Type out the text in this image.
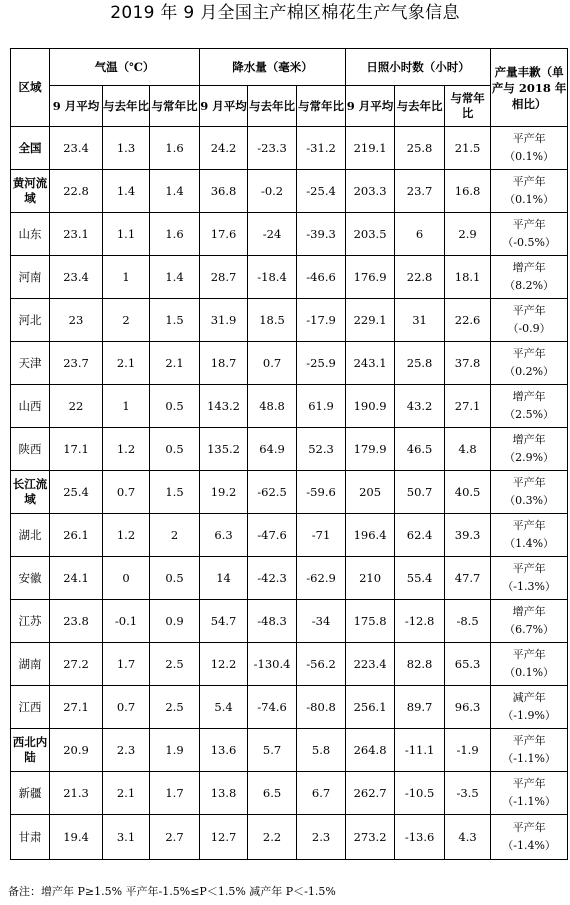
2019 年 9 月全国主产棉区棉花生产气象信息
区域	气温（℃）			降水量（毫米）			日照小时数（小时）			产量丰歉（单产与 2018 年相比）
	9 月平均	与去年比	与常年比	9 月平均	与去年比	与常年比	9 月平均	与去年比	与常年比	
全国	23.4	1.3	1.6	24.2	-23.3	-31.2	219.1	25.8	21.5	平产年
（0.1%）

黄河流域	22.8	1.4	1.4	36.8	-0.2	-25.4	203.3	23.7	16.8	平产年
（0.1%）

山东	23.1	1.1	1.6	17.6	-24	-39.3	203.5	6	2.9	平产年
（-0.5%）

河南	23.4	1	1.4	28.7	-18.4	-46.6	176.9	22.8	18.1	增产年
（8.2%）

河北	23	2	1.5	31.9	18.5	-17.9	229.1	31	22.6	平产年
（-0.9）

天津	23.7	2.1	2.1	18.7	0.7	-25.9	243.1	25.8	37.8	平产年
（0.2%）

山西	22	1	0.5	143.2	48.8	61.9	190.9	43.2	27.1	增产年
（2.5%）

陕西	17.1	1.2	0.5	135.2	64.9	52.3	179.9	46.5	4.8	增产年
（2.9%）

长江流域	25.4	0.7	1.5	19.2	-62.5	-59.6	205	50.7	40.5	平产年
（0.3%）

湖北	26.1	1.2	2	6.3	-47.6	-71	196.4	62.4	39.3	平产年
（1.4%）

安徽	24.1	0	0.5	14	-42.3	-62.9	210	55.4	47.7	平产年
（-1.3%）

江苏	23.8	-0.1	0.9	54.7	-48.3	-34	175.8	-12.8	-8.5	增产年
（6.7%）

湖南	27.2	1.7	2.5	12.2	-130.4	-56.2	223.4	82.8	65.3	平产年
（0.1%）

江西	27.1	0.7	2.5	5.4	-74.6	-80.8	256.1	89.7	96.3	减产年
（-1.9%）

西北内陆	20.9	2.3	1.9	13.6	5.7	5.8	264.8	-11.1	-1.9	平产年
（-1.1%）

新疆	21.3	2.1	1.7	13.8	6.5	6.7	262.7	-10.5	-3.5	平产年
（-1.1%）

甘肃	19.4	3.1	2.7	12.7	2.2	2.3	273.2	-13.6	4.3	平产年
（-1.4%）
备注：增产年 P≥1.5% 平产年-1.5%≤P＜1.5% 减产年 P＜-1.5%
